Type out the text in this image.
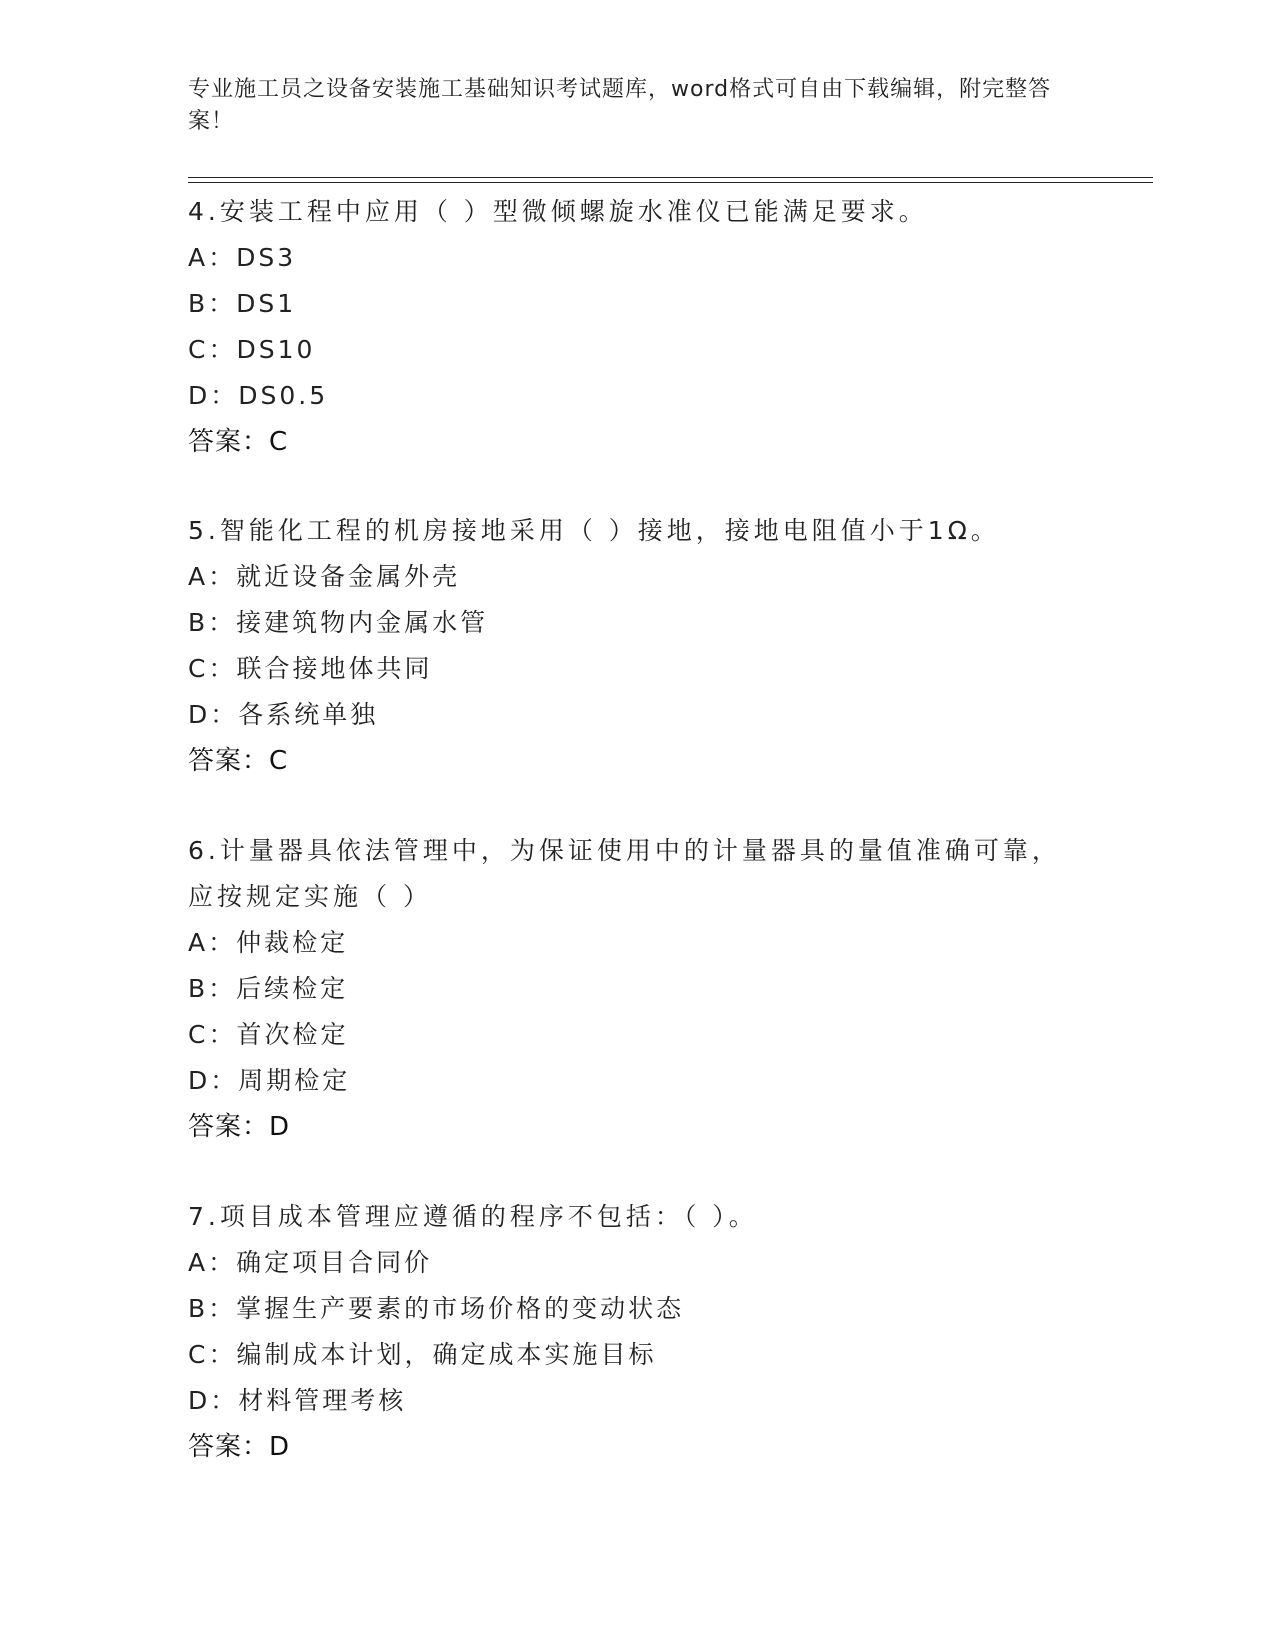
专业施工员之设备安装施工基础知识考试题库，word格式可自由下载编辑，附完整答案！

4.安装工程中应用（ ）型微倾螺旋水准仪已能满足要求。

A：DS3

B：DS1

C：DS10

D：DS0.5

答案：C

5.智能化工程的机房接地采用（ ）接地，接地电阻值小于1Ω。

A：就近设备金属外壳

B：接建筑物内金属水管

C：联合接地体共同

D：各系统单独

答案：C

6.计量器具依法管理中，为保证使用中的计量器具的量值准确可靠，应按规定实施（ ）

A：仲裁检定

B：后续检定

C：首次检定

D：周期检定

答案：D

7.项目成本管理应遵循的程序不包括：（ ）。

A：确定项目合同价

B：掌握生产要素的市场价格的变动状态

C：编制成本计划，确定成本实施目标

D：材料管理考核

答案：D
